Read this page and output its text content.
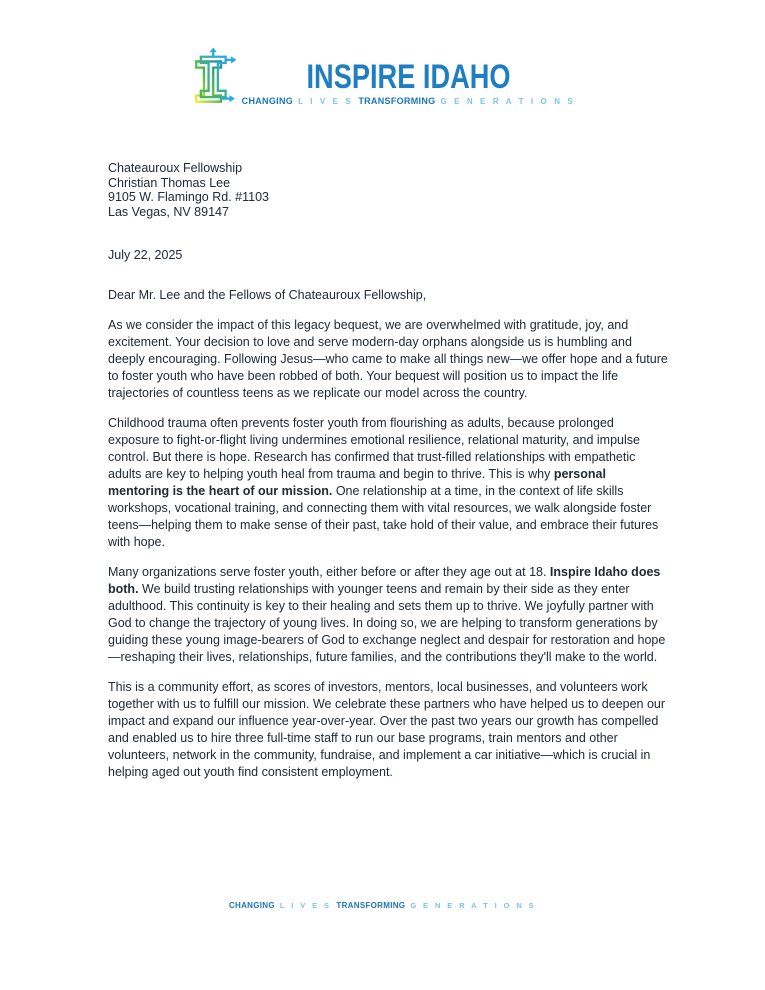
INSPIRE IDAHO
CHANGING L I V E S TRANSFORMING G E N E R A T I O N S
Chateauroux Fellowship
Christian Thomas Lee
9105 W. Flamingo Rd. #1103
Las Vegas, NV 89147
July 22, 2025
Dear Mr. Lee and the Fellows of Chateauroux Fellowship,

As we consider the impact of this legacy bequest, we are overwhelmed with gratitude, joy, and excitement. Your decision to love and serve modern-day orphans alongside us is humbling and deeply encouraging. Following Jesus—who came to make all things new—we offer hope and a future to foster youth who have been robbed of both. Your bequest will position us to impact the life trajectories of countless teens as we replicate our model across the country.

Childhood trauma often prevents foster youth from flourishing as adults, because prolonged exposure to fight-or-flight living undermines emotional resilience, relational maturity, and impulse control. But there is hope. Research has confirmed that trust-filled relationships with empathetic adults are key to helping youth heal from trauma and begin to thrive. This is why personal mentoring is the heart of our mission. One relationship at a time, in the context of life skills workshops, vocational training, and connecting them with vital resources, we walk alongside foster teens—helping them to make sense of their past, take hold of their value, and embrace their futures with hope.

Many organizations serve foster youth, either before or after they age out at 18. Inspire Idaho does both. We build trusting relationships with younger teens and remain by their side as they enter adulthood. This continuity is key to their healing and sets them up to thrive. We joyfully partner with God to change the trajectory of young lives. In doing so, we are helping to transform generations by guiding these young image-bearers of God to exchange neglect and despair for restoration and hope—reshaping their lives, relationships, future families, and the contributions they'll make to the world.

This is a community effort, as scores of investors, mentors, local businesses, and volunteers work together with us to fulfill our mission. We celebrate these partners who have helped us to deepen our impact and expand our influence year-over-year. Over the past two years our growth has compelled and enabled us to hire three full-time staff to run our base programs, train mentors and other volunteers, network in the community, fundraise, and implement a car initiative—which is crucial in helping aged out youth find consistent employment.

CHANGING L I V E S TRANSFORMING G E N E R A T I O N S
